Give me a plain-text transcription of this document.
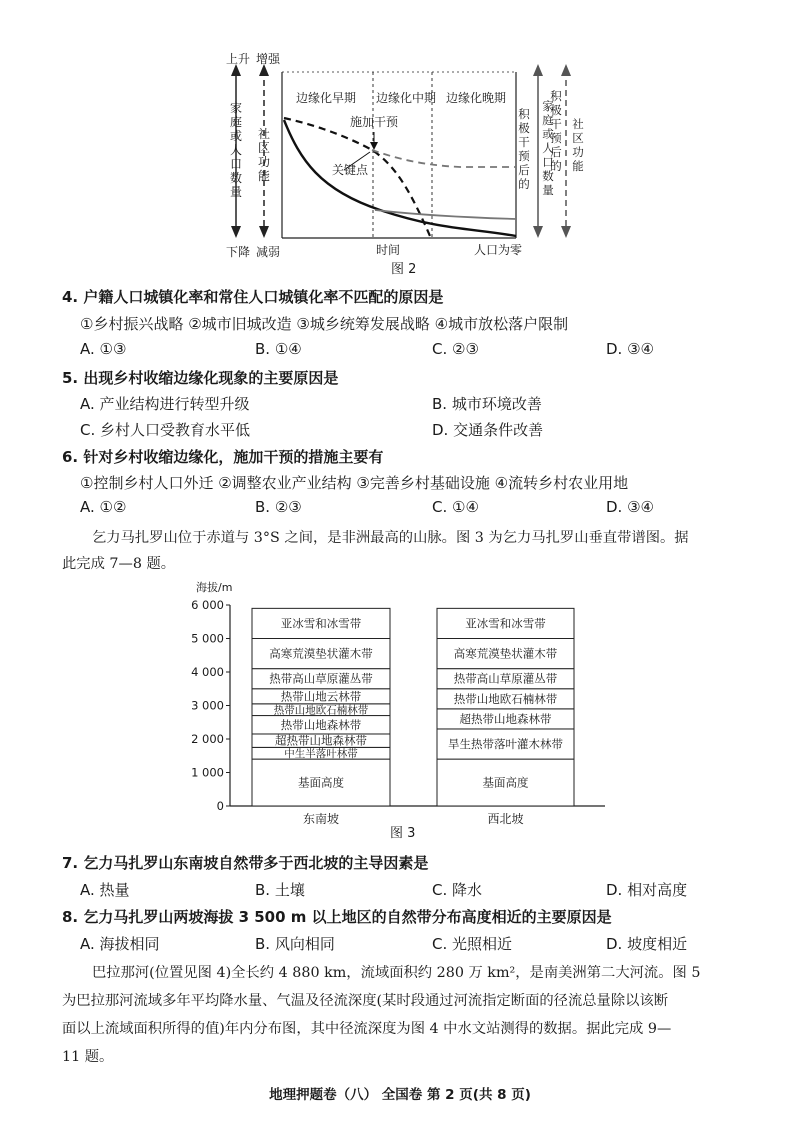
上升 增强
下降 减弱
家
庭
或
人
口
数
量
社
区
功
能
边缘化早期 边缘化中期 边缘化晚期
施加干预
关键点
时间	人口为零
积
极
干
预
后
的
家
庭
或
人
口
数
量
积
极
干
预
后
的
社
区
功
能
图 2
4. 户籍人口城镇化率和常住人口城镇化率不匹配的原因是
①乡村振兴战略 ②城市旧城改造 ③城乡统筹发展战略 ④城市放松落户限制
A. ①③	B. ①④	C. ②③	D. ③④
5. 出现乡村收缩边缘化现象的主要原因是
A. 产业结构进行转型升级	B. 城市环境改善
C. 乡村人口受教育水平低	D. 交通条件改善
6. 针对乡村收缩边缘化，施加干预的措施主要有
①控制乡村人口外迁 ②调整农业产业结构 ③完善乡村基础设施 ④流转乡村农业用地
A. ①②	B. ②③	C. ①④	D. ③④
乞力马扎罗山位于赤道与 3°S 之间，是非洲最高的山脉。图 3 为乞力马扎罗山垂直带谱图。据
此完成 7—8 题。
海拔/m
0
1 000
2 000
3 000
4 000
5 000
6 000
基面高度
中生半落叶林带
超热带山地森林带
热带山地森林带
热带山地欧石楠林带
热带山地云林带
热带高山草原灌丛带
高寒荒漠垫状灌木带
亚冰雪和冰雪带
东南坡
基面高度
旱生热带落叶灌木林带
超热带山地森林带
热带山地欧石楠林带
热带高山草原灌丛带
高寒荒漠垫状灌木带
亚冰雪和冰雪带
西北坡
图 3
7. 乞力马扎罗山东南坡自然带多于西北坡的主导因素是
A. 热量	B. 土壤	C. 降水	D. 相对高度
8. 乞力马扎罗山两坡海拔 3 500 m 以上地区的自然带分布高度相近的主要原因是
A. 海拔相同	B. 风向相同	C. 光照相近	D. 坡度相近
巴拉那河(位置见图 4)全长约 4 880 km，流域面积约 280 万 km²，是南美洲第二大河流。图 5
为巴拉那河流域多年平均降水量、气温及径流深度(某时段通过河流指定断面的径流总量除以该断
面以上流域面积所得的值)年内分布图，其中径流深度为图 4 中水文站测得的数据。据此完成 9—
11 题。
地理押题卷（八） 全国卷 第 2 页(共 8 页)
